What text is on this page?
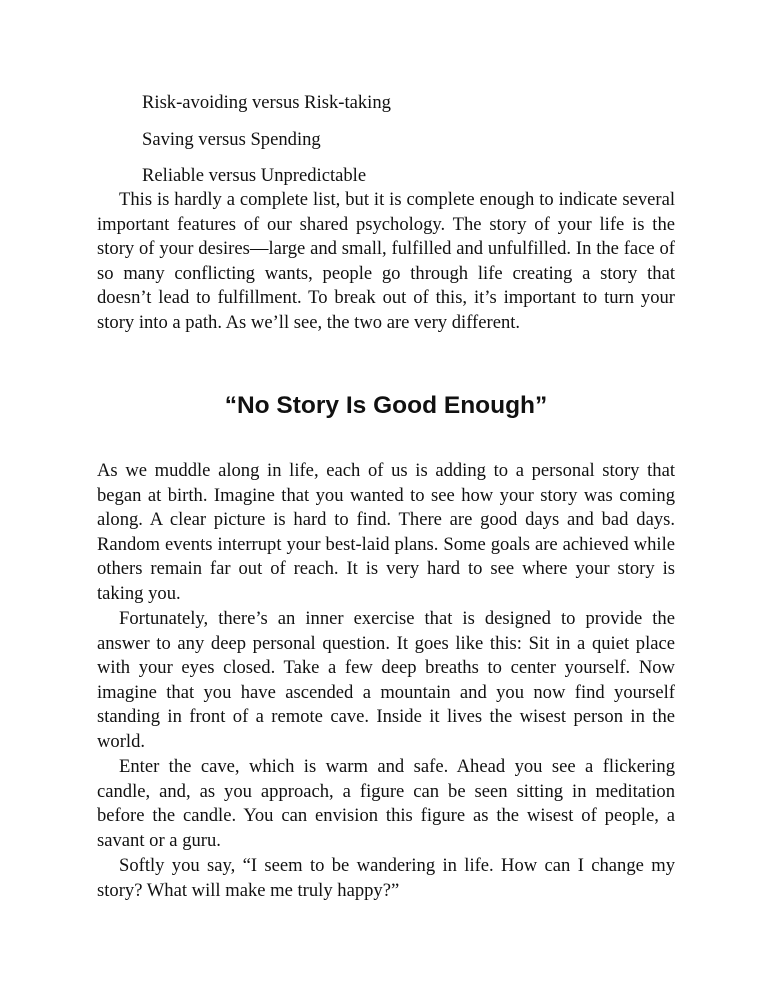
Risk-avoiding versus Risk-taking
Saving versus Spending
Reliable versus Unpredictable

This is hardly a complete list, but it is complete enough to indicate several important features of our shared psychology. The story of your life is the story of your desires—large and small, fulfilled and unfulfilled. In the face of so many conflicting wants, people go through life creating a story that doesn’t lead to fulfillment. To break out of this, it’s important to turn your story into a path. As we’ll see, the two are very different.

“No Story Is Good Enough”

As we muddle along in life, each of us is adding to a personal story that began at birth. Imagine that you wanted to see how your story was coming along. A clear picture is hard to find. There are good days and bad days. Random events interrupt your best-laid plans. Some goals are achieved while others remain far out of reach. It is very hard to see where your story is taking you.

Fortunately, there’s an inner exercise that is designed to provide the answer to any deep personal question. It goes like this: Sit in a quiet place with your eyes closed. Take a few deep breaths to center yourself. Now imagine that you have ascended a mountain and you now find yourself standing in front of a remote cave. Inside it lives the wisest person in the world.

Enter the cave, which is warm and safe. Ahead you see a flickering candle, and, as you approach, a figure can be seen sitting in meditation before the candle. You can envision this figure as the wisest of people, a savant or a guru.

Softly you say, “I seem to be wandering in life. How can I change my story? What will make me truly happy?”
